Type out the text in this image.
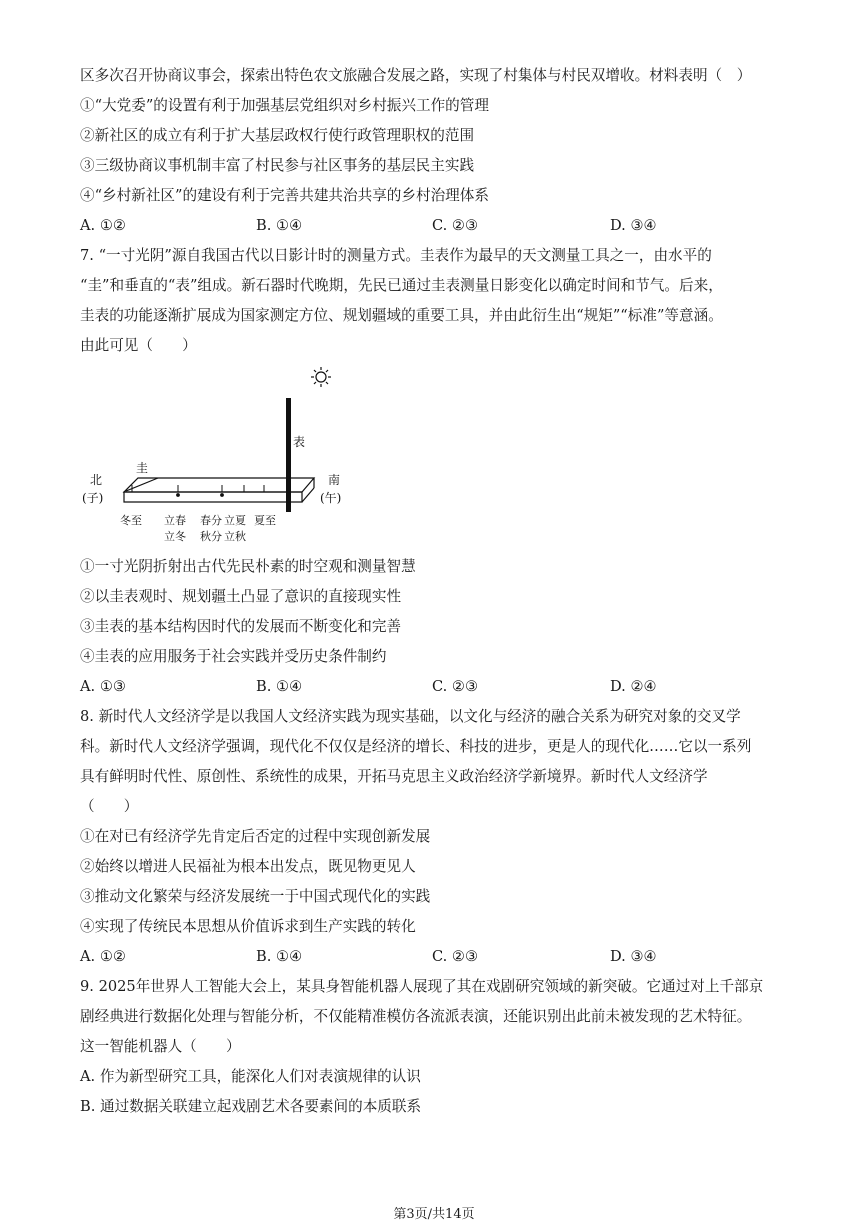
区多次召开协商议事会，探索出特色农文旅融合发展之路，实现了村集体与村民双增收。材料表明（　）
①“大党委”的设置有利于加强基层党组织对乡村振兴工作的管理
②新社区的成立有利于扩大基层政权行使行政管理职权的范围
③三级协商议事机制丰富了村民参与社区事务的基层民主实践
④“乡村新社区”的建设有利于完善共建共治共享的乡村治理体系
A. ①②	B. ①④	C. ②③	D. ③④
7. “一寸光阴”源自我国古代以日影计时的测量方式。圭表作为最早的天文测量工具之一，由水平的
“圭”和垂直的“表”组成。新石器时代晚期，先民已通过圭表测量日影变化以确定时间和节气。后来，
圭表的功能逐渐扩展成为国家测定方位、规划疆域的重要工具，并由此衍生出“规矩”“标准”等意涵。
由此可见（　　）
表
圭
北
(子)
南
(午)
冬至 立春 春分 立夏 夏至
立冬 秋分 立秋
①一寸光阴折射出古代先民朴素的时空观和测量智慧
②以圭表观时、规划疆土凸显了意识的直接现实性
③圭表的基本结构因时代的发展而不断变化和完善
④圭表的应用服务于社会实践并受历史条件制约
A. ①③	B. ①④	C. ②③	D. ②④
8. 新时代人文经济学是以我国人文经济实践为现实基础，以文化与经济的融合关系为研究对象的交叉学
科。新时代人文经济学强调，现代化不仅仅是经济的增长、科技的进步，更是人的现代化……它以一系列
具有鲜明时代性、原创性、系统性的成果，开拓马克思主义政治经济学新境界。新时代人文经济学
（　　）
①在对已有经济学先肯定后否定的过程中实现创新发展
②始终以增进人民福祉为根本出发点，既见物更见人
③推动文化繁荣与经济发展统一于中国式现代化的实践
④实现了传统民本思想从价值诉求到生产实践的转化
A. ①②	B. ①④	C. ②③	D. ③④
9. 2025年世界人工智能大会上，某具身智能机器人展现了其在戏剧研究领域的新突破。它通过对上千部京
剧经典进行数据化处理与智能分析，不仅能精准模仿各流派表演，还能识别出此前未被发现的艺术特征。
这一智能机器人（　　）
A. 作为新型研究工具，能深化人们对表演规律的认识
B. 通过数据关联建立起戏剧艺术各要素间的本质联系
第3页/共14页
